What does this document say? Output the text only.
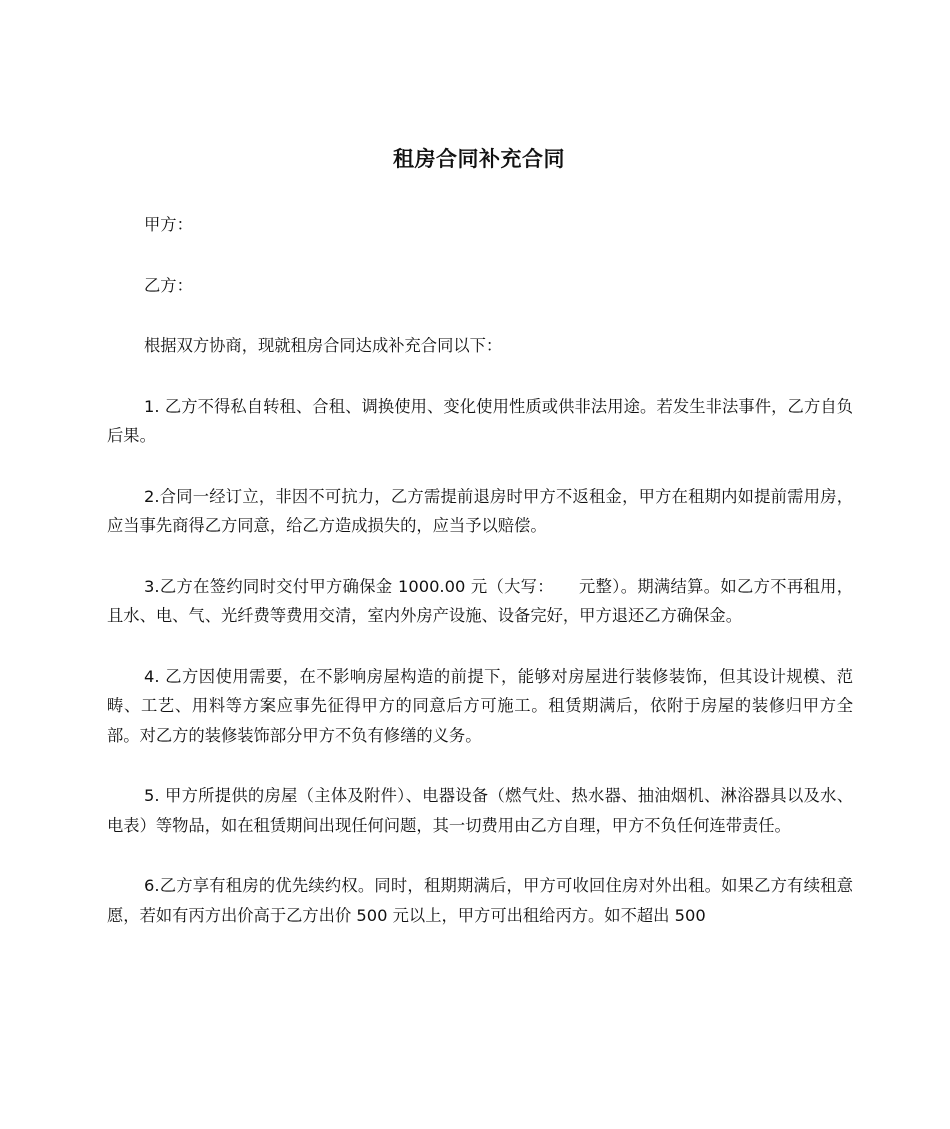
租房合同补充合同

甲方：

乙方：

根据双方协商，现就租房合同达成补充合同以下：

1. 乙方不得私自转租、合租、调换使用、变化使用性质或供非法用途。若发生非法事件，乙方自负后果。

2.合同一经订立，非因不可抗力，乙方需提前退房时甲方不返租金，甲方在租期内如提前需用房，应当事先商得乙方同意，给乙方造成损失的，应当予以赔偿。

3.乙方在签约同时交付甲方确保金 1000.00 元（大写：　　元整）。期满结算。如乙方不再租用，且水、电、气、光纤费等费用交清，室内外房产设施、设备完好，甲方退还乙方确保金。

4. 乙方因使用需要，在不影响房屋构造的前提下，能够对房屋进行装修装饰，但其设计规模、范畴、工艺、用料等方案应事先征得甲方的同意后方可施工。租赁期满后，依附于房屋的装修归甲方全部。对乙方的装修装饰部分甲方不负有修缮的义务。

5. 甲方所提供的房屋（主体及附件）、电器设备（燃气灶、热水器、抽油烟机、淋浴器具以及水、电表）等物品，如在租赁期间出现任何问题，其一切费用由乙方自理，甲方不负任何连带责任。

6.乙方享有租房的优先续约权。同时，租期期满后，甲方可收回住房对外出租。如果乙方有续租意愿，若如有丙方出价高于乙方出价 500 元以上，甲方可出租给丙方。如不超出 500
